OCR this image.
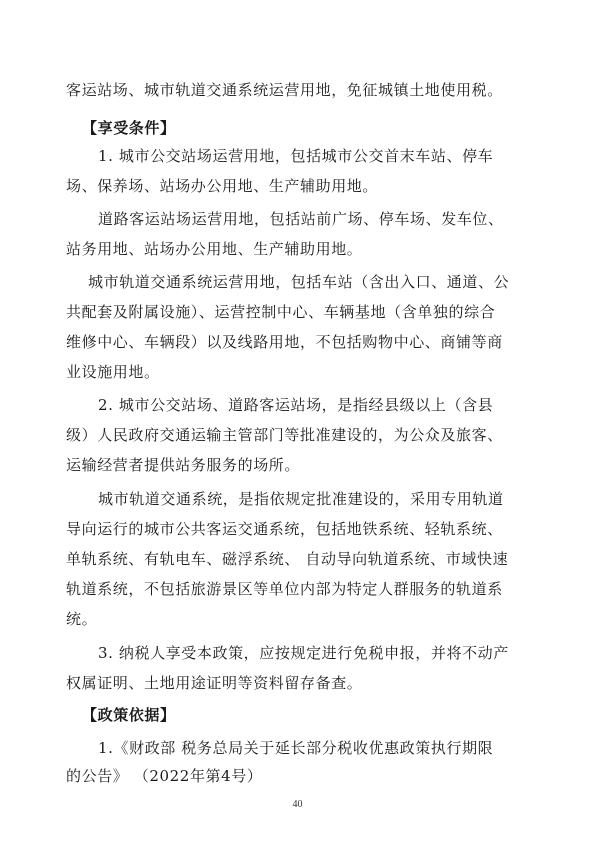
客运站场、城市轨道交通系统运营用地，免征城镇土地使用税。
【享受条件】
1. 城市公交站场运营用地，包括城市公交首末车站、停车
场、保养场、站场办公用地、生产辅助用地。
道路客运站场运营用地，包括站前广场、停车场、发车位、
站务用地、站场办公用地、生产辅助用地。
城市轨道交通系统运营用地，包括车站（含出入口、通道、公
共配套及附属设施）、运营控制中心、车辆基地（含单独的综合
维修中心、车辆段）以及线路用地，不包括购物中心、商铺等商
业设施用地。
2. 城市公交站场、道路客运站场，是指经县级以上（含县
级）人民政府交通运输主管部门等批准建设的，为公众及旅客、
运输经营者提供站务服务的场所。
城市轨道交通系统，是指依规定批准建设的，采用专用轨道
导向运行的城市公共客运交通系统，包括地铁系统、轻轨系统、
单轨系统、有轨电车、磁浮系统、 自动导向轨道系统、市域快速
轨道系统，不包括旅游景区等单位内部为特定人群服务的轨道系
统。
3. 纳税人享受本政策，应按规定进行免税申报，并将不动产
权属证明、土地用途证明等资料留存备查。
【政策依据】
1.《财政部 税务总局关于延长部分税收优惠政策执行期限
的公告》 （2022年第4号）
40
